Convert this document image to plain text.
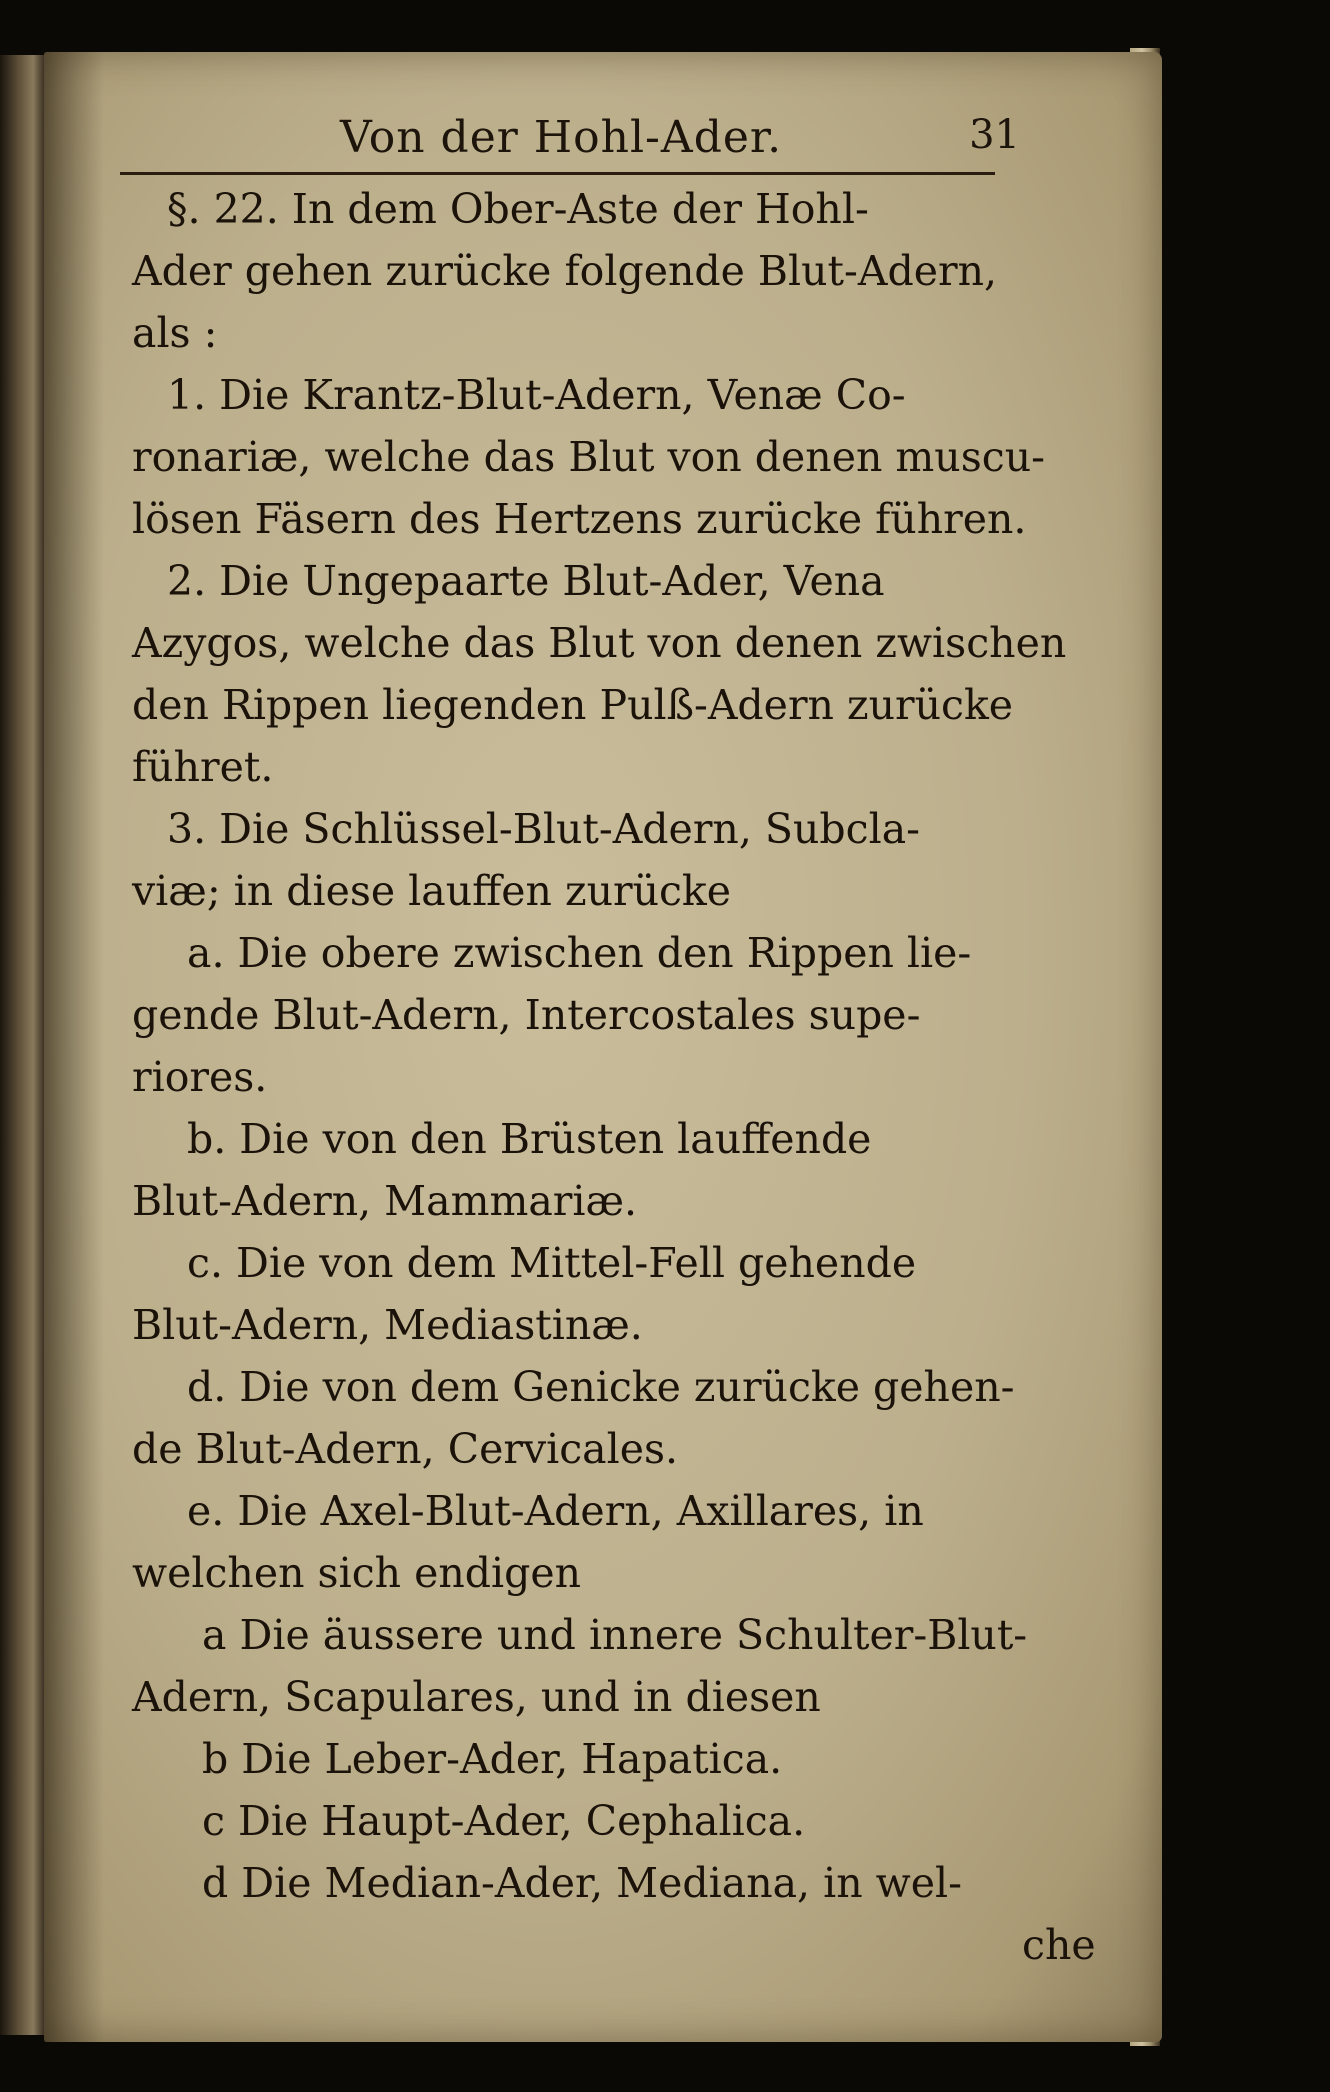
Von der Hohl-Ader.	31
§. 22. In dem Ober-Aste der Hohl-
Ader gehen zurücke folgende Blut-Adern,
als :
1. Die Krantz-Blut-Adern, Venæ Co-
ronariæ, welche das Blut von denen muscu-
lösen Fäsern des Hertzens zurücke führen.
2. Die Ungepaarte Blut-Ader, Vena
Azygos, welche das Blut von denen zwischen
den Rippen liegenden Pulß-Adern zurücke
führet.
3. Die Schlüssel-Blut-Adern, Subcla-
viæ; in diese lauffen zurücke
a. Die obere zwischen den Rippen lie-
gende Blut-Adern, Intercostales supe-
riores.
b. Die von den Brüsten lauffende
Blut-Adern, Mammariæ.
c. Die von dem Mittel-Fell gehende
Blut-Adern, Mediastinæ.
d. Die von dem Genicke zurücke gehen-
de Blut-Adern, Cervicales.
e. Die Axel-Blut-Adern, Axillares, in
welchen sich endigen
a Die äussere und innere Schulter-Blut-
Adern, Scapulares, und in diesen
b Die Leber-Ader, Hapatica.
c Die Haupt-Ader, Cephalica.
d Die Median-Ader, Mediana, in wel-
che
